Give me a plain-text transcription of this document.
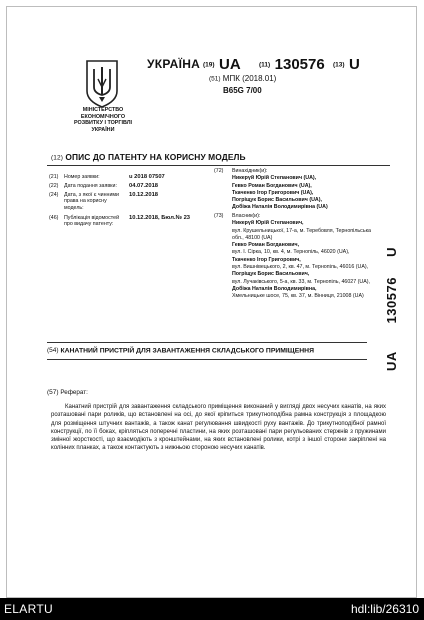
МІНІСТЕРСТВО
ЕКОНОМІЧНОГО
РОЗВИТКУ І ТОРГІВЛІ
УКРАЇНИ
УКРАЇНА (19) UA	(11) 130576 (13) U
(51) МПК (2018.01)
B65G 7/00
(12) ОПИС ДО ПАТЕНТУ НА КОРИСНУ МОДЕЛЬ
(21) Номер заявки:	u 2018 07507
(22) Дата подання заявки:	04.07.2018
(24) Дата, з якої є чинними права на корисну модель:
10.12.2018
(46) Публікація відомостей про видачу патенту:
10.12.2018, Бюл.№ 23
(72) Винахідник(и):
Никерүй Юрій Степанович (UA),
Гевко Роман Богданович (UA),
Ткаченко Ігор Григорович (UA),
Погріщук Борис Васильович (UA),
Добіжа Наталія Володимирівна (UA)
(73) Власник(и):
Никерүй Юрій Степанович,
вул. Крушельницької, 17-а, м. Теребовля, Тернопільська обл., 48100 (UA)
Гевко Роман Богданович,
вул. І. Сірка, 10, кв. 4, м. Тернопіль, 46020 (UA),
Ткаченко Ігор Григорович,
вул. Вишнівецького, 2, кв. 47, м. Тернопіль, 46016 (UA),
Погріщук Борис Васильович,
вул. Лучаківського, 5-а, кв. 33, м. Тернопіль, 46027 (UA),
Добіжа Наталія Володимирівна,
Хмельницьке шосе, 75, кв. 37, м. Вінниця, 21008 (UA)
UA  130576  U
(54) КАНАТНИЙ ПРИСТРІЙ ДЛЯ ЗАВАНТАЖЕННЯ СКЛАДСЬКОГО ПРИМІЩЕННЯ
(57) Реферат:
Канатний пристрій для завантаження складського приміщення виконаний у вигляді двох несучих канатів, на яких розташовані пари роликів, що встановлені на осі, до якої кріпиться трикутноподібна рамна конструкція з площадкою для розміщення штучних вантажів, а також канат регулювання швидкості руху вантажів. До трикутноподібної рамної конструкції, по її боках, кріпляться поперечні пластини, на яких розташовані пари регульованих стержнів з пружинами змінної жорсткості, що взаємодіють з кронштейнами, на яких встановлені ролики, котрі з іншої сторони закріплені на колінних планках, а також контактують з нижньою стороною несучих канатів.
ELARTU	hdl:lib/26310
